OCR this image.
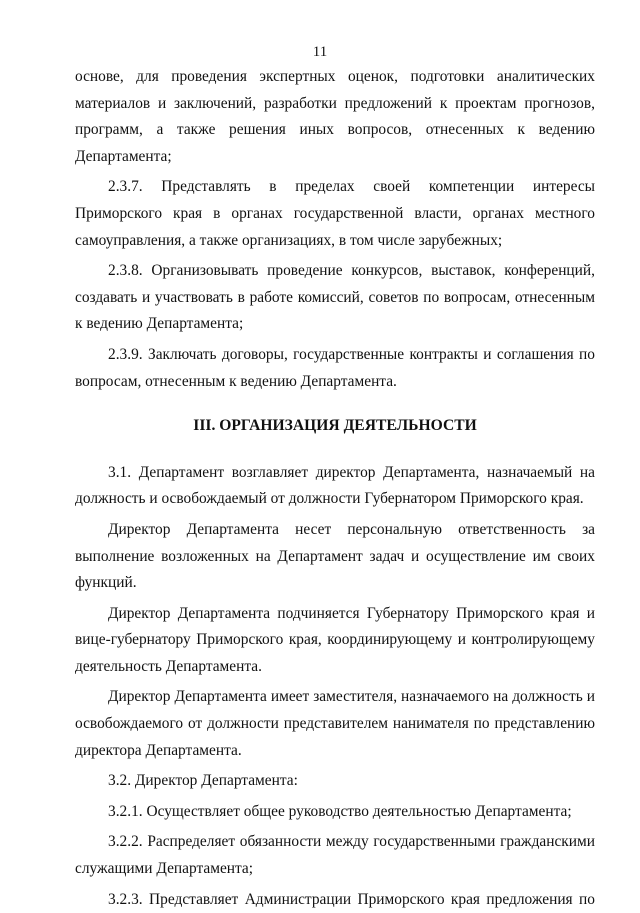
11

основе, для проведения экспертных оценок, подготовки аналитических материалов и заключений, разработки предложений к проектам прогнозов, программ, а также решения иных вопросов, отнесенных к ведению Департамента;

2.3.7. Представлять в пределах своей компетенции интересы Приморского края в органах государственной власти, органах местного самоуправления, а также организациях, в том числе зарубежных;

2.3.8. Организовывать проведение конкурсов, выставок, конференций, создавать и участвовать в работе комиссий, советов по вопросам, отнесенным к ведению Департамента;

2.3.9. Заключать договоры, государственные контракты и соглашения по вопросам, отнесенным к ведению Департамента.

III. ОРГАНИЗАЦИЯ ДЕЯТЕЛЬНОСТИ

3.1. Департамент возглавляет директор Департамента, назначаемый на должность и освобождаемый от должности Губернатором Приморского края.

Директор Департамента несет персональную ответственность за выполнение возложенных на Департамент задач и осуществление им своих функций.

Директор Департамента подчиняется Губернатору Приморского края и вице-губернатору Приморского края, координирующему и контролирующему деятельность Департамента.

Директор Департамента имеет заместителя, назначаемого на должность и освобождаемого от должности представителем нанимателя по представлению директора Департамента.

3.2. Директор Департамента:

3.2.1. Осуществляет общее руководство деятельностью Департамента;

3.2.2. Распределяет обязанности между государственными гражданскими служащими Департамента;

3.2.3. Представляет Администрации Приморского края предложения по
